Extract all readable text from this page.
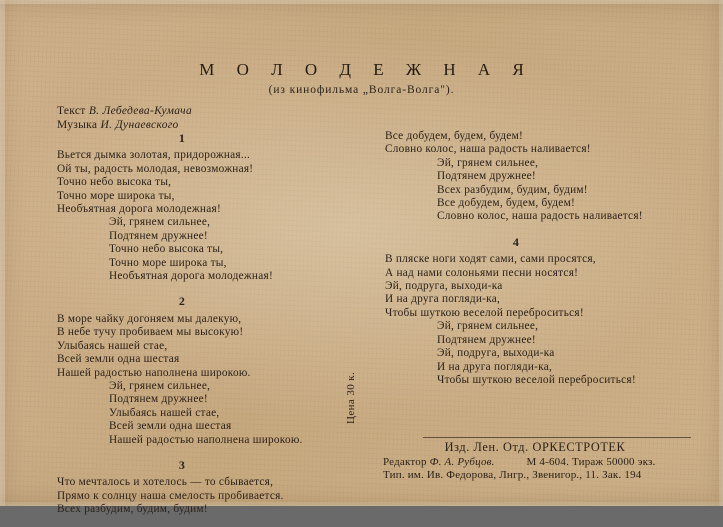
М О Л О Д Е Ж Н А Я
(из кинофильма „Волга-Волга").
Текст В. Лебедева-Кумача
Музыка И. Дунаевского
1
Вьется дымка золотая, придорожная...
Ой ты, радость молодая, невозможная!
Точно небо высока ты,
Точно море широка ты,
Необъятная дорога молодежная!
Эй, грянем сильнее,
Подтянем дружнее!
Точно небо высока ты,
Точно море широка ты,
Необъятная дорога молодежная!
2
В море чайку догоняем мы далекую,
В небе тучу пробиваем мы высокую!
Улыбаясь нашей стае,
Всей земли одна шестая
Нашей радостью наполнена широкою.
Эй, грянем сильнее,
Подтянем дружнее!
Улыбаясь нашей стае,
Всей земли одна шестая
Нашей радостью наполнена широкою.
3
Что мечталось и хотелось — то сбывается,
Прямо к солнцу наша смелость пробивается.
Всех разбудим, будим, будим!
Все добудем, будем, будем!
Словно колос, наша радость наливается!
Эй, грянем сильнее,
Подтянем дружнее!
Всех разбудим, будим, будим!
Все добудем, будем, будем!
Словно колос, наша радость наливается!
4
В пляске ноги ходят сами, сами просятся,
А над нами солоньями песни носятся!
Эй, подруга, выходи-ка
И на друга погляди-ка,
Чтобы шуткою веселой переброситься!
Эй, грянем сильнее,
Подтянем дружнее!
Эй, подруга, выходи-ка
И на друга погляди-ка,
Чтобы шуткою веселой переброситься!
Цена 30 к.
Изд. Лен. Отд. ОРКЕСТРОТЕК
Редактор Ф. А. Рубцов.	М 4-604. Тираж 50000 экз.
Тип. им. Ив. Федорова, Лнгр., Звенигор., 11. Зак. 194
